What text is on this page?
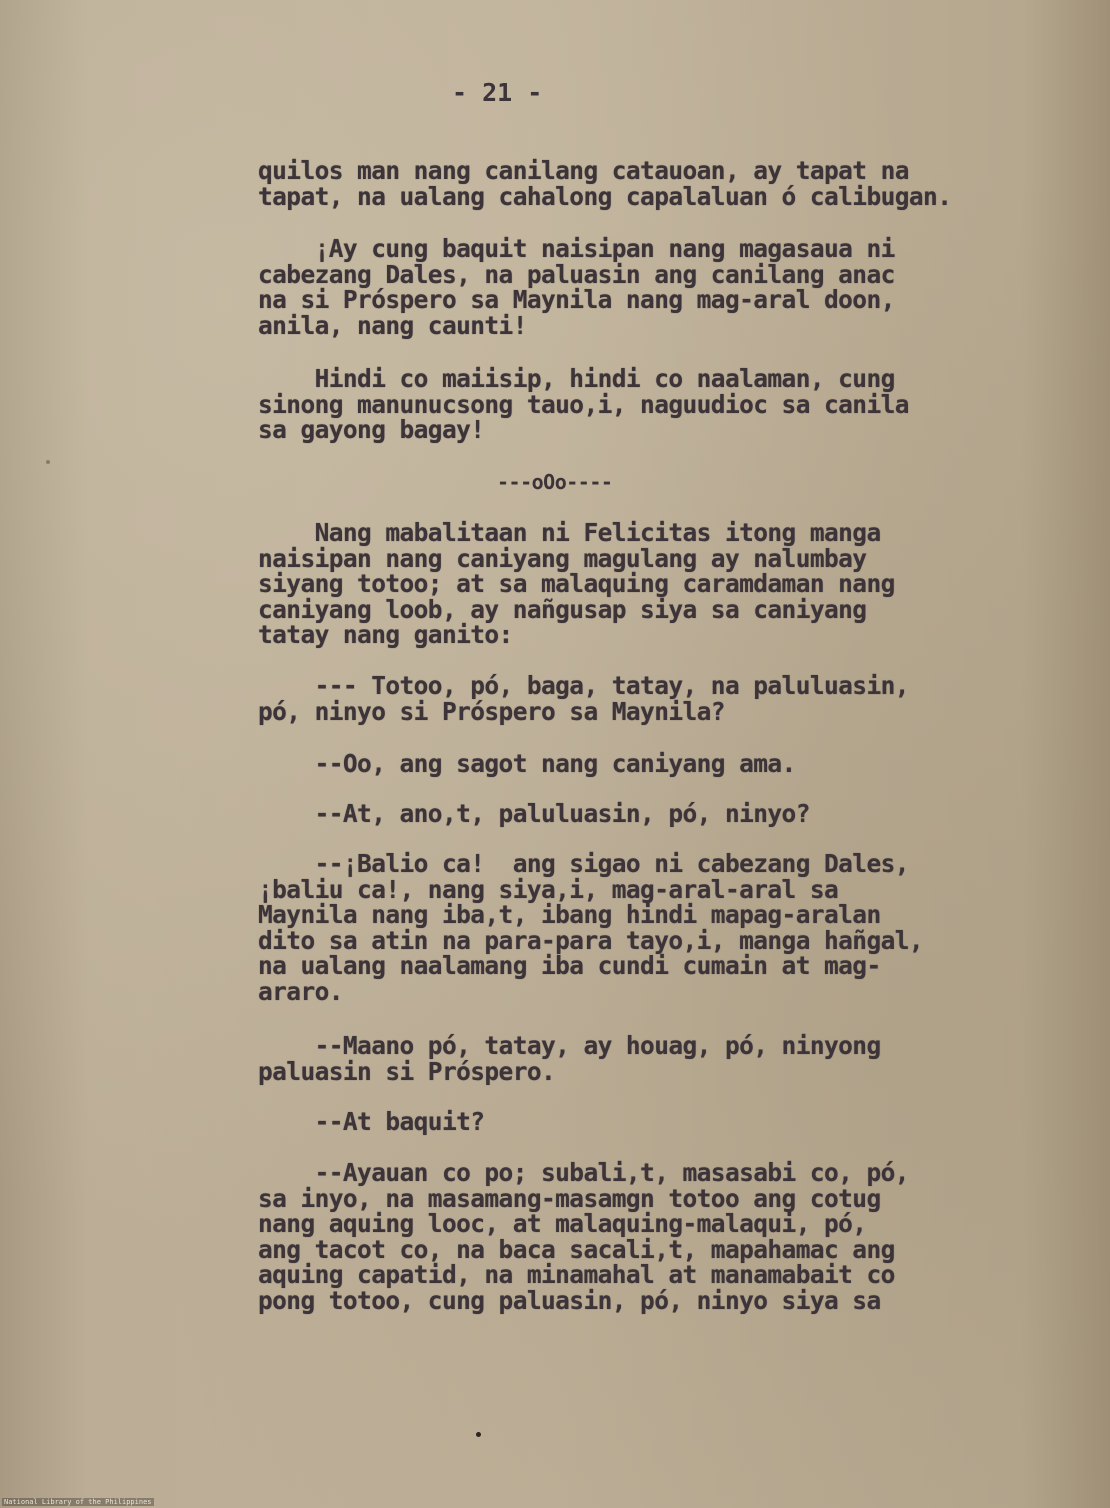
- 21 -
quilos man nang canilang catauoan, ay tapat na
tapat, na ualang cahalong capalaluan ó calibugan.
¡Ay cung baquit naisipan nang magasaua ni
cabezang Dales, na paluasin ang canilang anac
na si Próspero sa Maynila nang mag-aral doon,
anila, nang caunti!
Hindi co maiisip, hindi co naalaman, cung
sinong manunucsong tauo,i, naguudioc sa canila
sa gayong bagay!
---oOo----
Nang mabalitaan ni Felicitas itong manga
naisipan nang caniyang magulang ay nalumbay
siyang totoo; at sa malaquing caramdaman nang
caniyang loob, ay nañgusap siya sa caniyang
tatay nang ganito:
--- Totoo, pó, baga, tatay, na paluluasin,
pó, ninyo si Próspero sa Maynila?
--Oo, ang sagot nang caniyang ama.
--At, ano,t, paluluasin, pó, ninyo?
--¡Balio ca!  ang sigao ni cabezang Dales,
¡baliu ca!, nang siya,i, mag-aral-aral sa
Maynila nang iba,t, ibang hindi mapag-aralan
dito sa atin na para-para tayo,i, manga hañgal,
na ualang naalamang iba cundi cumain at mag-
araro.
--Maano pó, tatay, ay houag, pó, ninyong
paluasin si Próspero.
--At baquit?
--Ayauan co po; subali,t, masasabi co, pó,
sa inyo, na masamang-masamgn totoo ang cotug
nang aquing looc, at malaquing-malaqui, pó,
ang tacot co, na baca sacali,t, mapahamac ang
aquing capatid, na minamahal at manamabait co
pong totoo, cung paluasin, pó, ninyo siya sa
National Library of the Philippines
